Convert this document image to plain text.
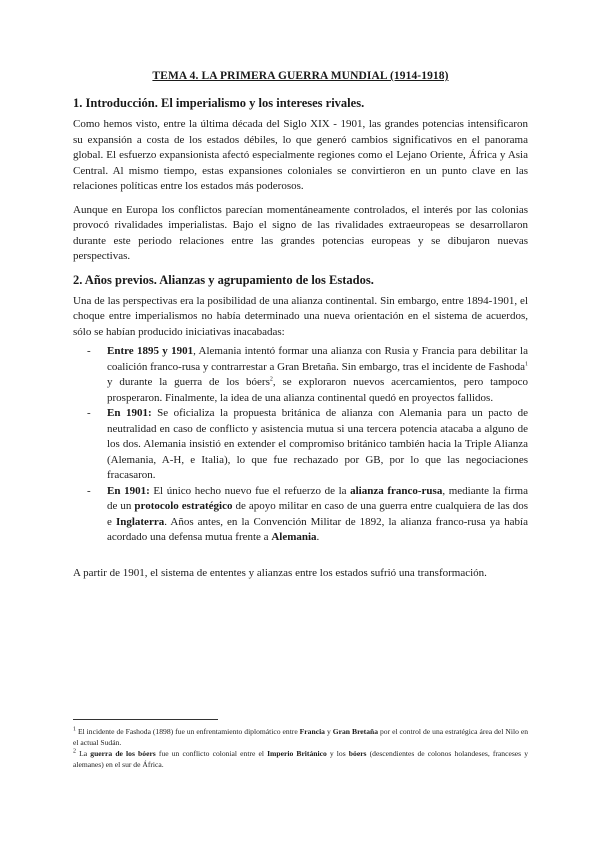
TEMA 4. LA PRIMERA GUERRA MUNDIAL (1914-1918)
1. Introducción. El imperialismo y los intereses rivales.

Como hemos visto, entre la última década del Siglo XIX - 1901, las grandes potencias intensificaron su expansión a costa de los estados débiles, lo que generó cambios significativos en el panorama global. El esfuerzo expansionista afectó especialmente regiones como el Lejano Oriente, África y Asia Central. Al mismo tiempo, estas expansiones coloniales se convirtieron en un punto clave en las relaciones políticas entre los estados más poderosos.

Aunque en Europa los conflictos parecían momentáneamente controlados, el interés por las colonias provocó rivalidades imperialistas. Bajo el signo de las rivalidades extraeuropeas se desarrollaron durante este periodo relaciones entre las grandes potencias europeas y se dibujaron nuevas perspectivas.

2. Años previos. Alianzas y agrupamiento de los Estados.

Una de las perspectivas era la posibilidad de una alianza continental. Sin embargo, entre 1894-1901, el choque entre imperialismos no había determinado una nueva orientación en el sistema de acuerdos, sólo se habían producido iniciativas inacabadas:

- Entre 1895 y 1901, Alemania intentó formar una alianza con Rusia y Francia para debilitar la coalición franco-rusa y contrarrestar a Gran Bretaña. Sin embargo, tras el incidente de Fashoda$^1$ y durante la guerra de los bóers$^2$, se exploraron nuevos acercamientos, pero tampoco prosperaron. Finalmente, la idea de una alianza continental quedó en proyectos fallidos.
- En 1901: Se oficializa la propuesta británica de alianza con Alemania para un pacto de neutralidad en caso de conflicto y asistencia mutua si una tercera potencia atacaba a alguno de los dos. Alemania insistió en extender el compromiso británico también hacia la Triple Alianza (Alemania, A-H, e Italia), lo que fue rechazado por GB, por lo que las negociaciones fracasaron.
- En 1901: El único hecho nuevo fue el refuerzo de la alianza franco-rusa, mediante la firma de un protocolo estratégico de apoyo militar en caso de una guerra entre cualquiera de las dos e Inglaterra. Años antes, en la Convención Militar de 1892, la alianza franco-rusa ya había acordado una defensa mutua frente a Alemania.

A partir de 1901, el sistema de ententes y alianzas entre los estados sufrió una transformación.

$^1$ El incidente de Fashoda (1898) fue un enfrentamiento diplomático entre Francia y Gran Bretaña por el control de una estratégica área del Nilo en el actual Sudán.

$^2$ La guerra de los bóers fue un conflicto colonial entre el Imperio Británico y los bóers (descendientes de colonos holandeses, franceses y alemanes) en el sur de África.
